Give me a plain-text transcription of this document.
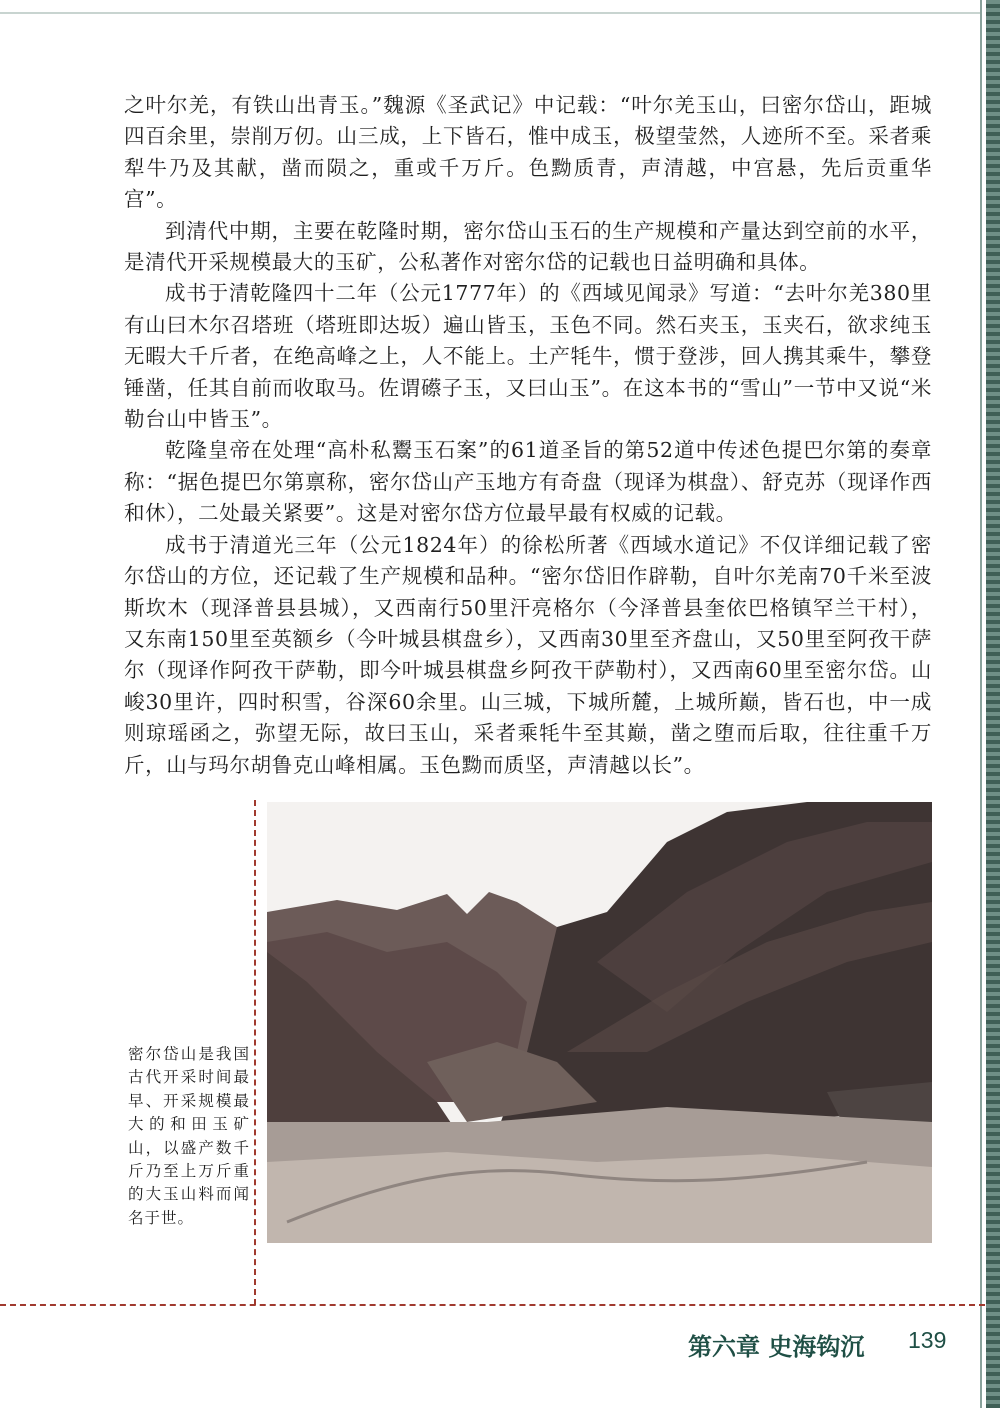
之叶尔羌，有铁山出青玉。”魏源《圣武记》中记载：“叶尔羌玉山，曰密尔岱山，距城四百余里，崇削万仞。山三成，上下皆石，惟中成玉，极望莹然，人迹所不至。采者乘犁牛乃及其献，凿而陨之，重或千万斤。色黝质青，声清越，中宫悬，先后贡重华宫”。

到清代中期，主要在乾隆时期，密尔岱山玉石的生产规模和产量达到空前的水平，是清代开采规模最大的玉矿，公私著作对密尔岱的记载也日益明确和具体。

成书于清乾隆四十二年（公元1777年）的《西域见闻录》写道：“去叶尔羌380里有山曰木尔召塔班（塔班即达坂）遍山皆玉，玉色不同。然石夹玉，玉夹石，欲求纯玉无暇大千斤者，在绝高峰之上，人不能上。土产牦牛，惯于登涉，回人携其乘牛，攀登锤凿，任其自前而收取马。佐谓礤子玉，又曰山玉”。在这本书的“雪山”一节中又说“米勒台山中皆玉”。

乾隆皇帝在处理“高朴私鬻玉石案”的61道圣旨的第52道中传述色提巴尔第的奏章称：“据色提巴尔第禀称，密尔岱山产玉地方有奇盘（现译为棋盘）、舒克苏（现译作西和休），二处最关紧要”。这是对密尔岱方位最早最有权威的记载。

成书于清道光三年（公元1824年）的徐松所著《西域水道记》不仅详细记载了密尔岱山的方位，还记载了生产规模和品种。“密尔岱旧作辟勒，自叶尔羌南70千米至波斯坎木（现泽普县县城），又西南行50里汗亮格尔（今泽普县奎依巴格镇罕兰干村），又东南150里至英额乡（今叶城县棋盘乡），又西南30里至齐盘山，又50里至阿孜干萨尔（现译作阿孜干萨勒，即今叶城县棋盘乡阿孜干萨勒村），又西南60里至密尔岱。山峻30里许，四时积雪，谷深60余里。山三城，下城所麓，上城所巅，皆石也，中一成则琼瑶函之，弥望无际，故曰玉山，采者乘牦牛至其巅，凿之堕而后取，往往重千万斤，山与玛尔胡鲁克山峰相属。玉色黝而质坚，声清越以长”。

密尔岱山是我国古代开采时间最早、开采规模最大的和田玉矿山，以盛产数千斤乃至上万斤重的大玉山料而闻名于世。
第六章 史海钩沉	139
